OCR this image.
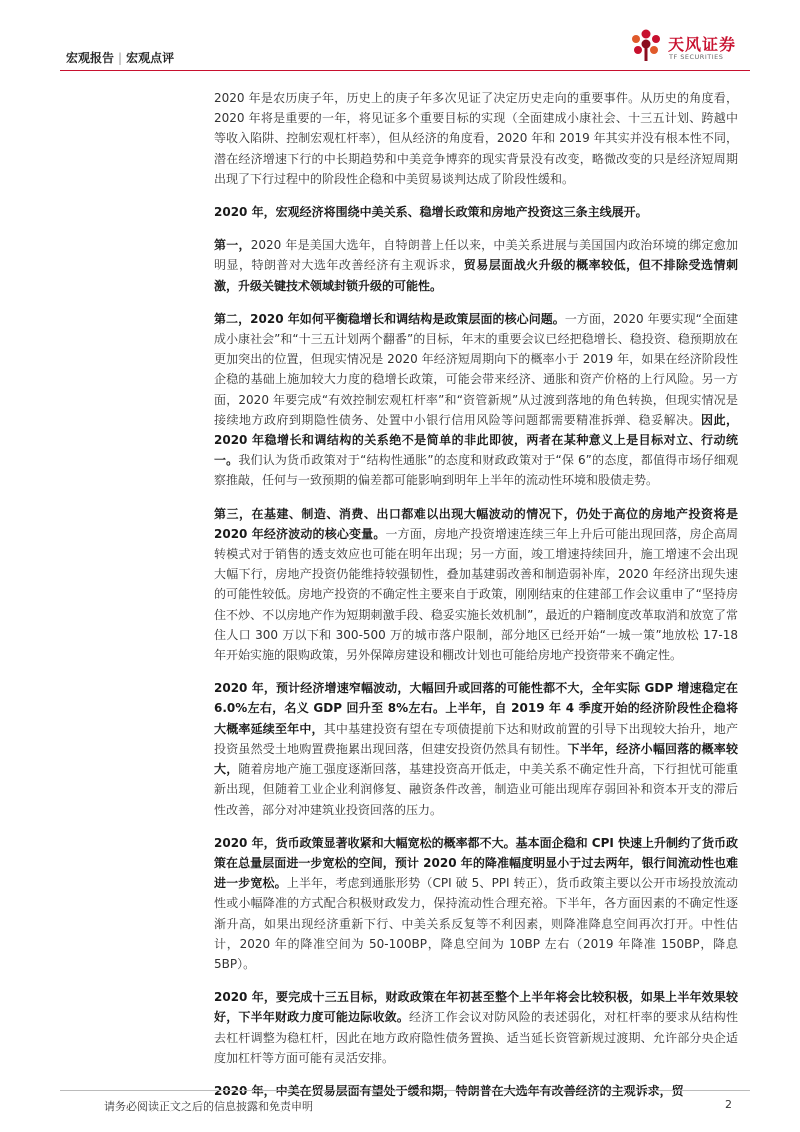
宏观报告 | 宏观点评
天风证券
TF SECURITIES

2020 年是农历庚子年，历史上的庚子年多次见证了决定历史走向的重要事件。从历史的角度看，2020 年将是重要的一年，将见证多个重要目标的实现（全面建成小康社会、十三五计划、跨越中等收入陷阱、控制宏观杠杆率），但从经济的角度看，2020 年和 2019 年其实并没有根本性不同，潜在经济增速下行的中长期趋势和中美竞争博弈的现实背景没有改变，略微改变的只是经济短周期出现了下行过程中的阶段性企稳和中美贸易谈判达成了阶段性缓和。

2020 年，宏观经济将围绕中美关系、稳增长政策和房地产投资这三条主线展开。

第一，2020 年是美国大选年，自特朗普上任以来，中美关系进展与美国国内政治环境的绑定愈加明显，特朗普对大选年改善经济有主观诉求，贸易层面战火升级的概率较低，但不排除受选情刺激，升级关键技术领域封锁升级的可能性。

第二，2020 年如何平衡稳增长和调结构是政策层面的核心问题。一方面，2020 年要实现“全面建成小康社会”和“十三五计划两个翻番”的目标，年末的重要会议已经把稳增长、稳投资、稳预期放在更加突出的位置，但现实情况是 2020 年经济短周期向下的概率小于 2019 年，如果在经济阶段性企稳的基础上施加较大力度的稳增长政策，可能会带来经济、通胀和资产价格的上行风险。另一方面，2020 年要完成“有效控制宏观杠杆率”和“资管新规”从过渡到落地的角色转换，但现实情况是接续地方政府到期隐性债务、处置中小银行信用风险等问题都需要精准拆弹、稳妥解决。因此，2020 年稳增长和调结构的关系绝不是简单的非此即彼，两者在某种意义上是目标对立、行动统一。我们认为货币政策对于“结构性通胀”的态度和财政政策对于“保 6”的态度，都值得市场仔细观察推敲，任何与一致预期的偏差都可能影响到明年上半年的流动性环境和股债走势。

第三，在基建、制造、消费、出口都难以出现大幅波动的情况下，仍处于高位的房地产投资将是 2020 年经济波动的核心变量。一方面，房地产投资增速连续三年上升后可能出现回落，房企高周转模式对于销售的透支效应也可能在明年出现；另一方面，竣工增速持续回升，施工增速不会出现大幅下行，房地产投资仍能维持较强韧性，叠加基建弱改善和制造弱补库，2020 年经济出现失速的可能性较低。房地产投资的不确定性主要来自于政策，刚刚结束的住建部工作会议重申了“坚持房住不炒、不以房地产作为短期刺激手段、稳妥实施长效机制”，最近的户籍制度改革取消和放宽了常住人口 300 万以下和 300-500 万的城市落户限制，部分地区已经开始“一城一策”地放松 17-18 年开始实施的限购政策，另外保障房建设和棚改计划也可能给房地产投资带来不确定性。

2020 年，预计经济增速窄幅波动，大幅回升或回落的可能性都不大，全年实际 GDP 增速稳定在 6.0%左右，名义 GDP 回升至 8%左右。上半年，自 2019 年 4 季度开始的经济阶段性企稳将大概率延续至年中，其中基建投资有望在专项债提前下达和财政前置的引导下出现较大抬升，地产投资虽然受土地购置费拖累出现回落，但建安投资仍然具有韧性。下半年，经济小幅回落的概率较大，随着房地产施工强度逐渐回落，基建投资高开低走，中美关系不确定性升高，下行担忧可能重新出现，但随着工业企业利润修复、融资条件改善，制造业可能出现库存弱回补和资本开支的滞后性改善，部分对冲建筑业投资回落的压力。

2020 年，货币政策显著收紧和大幅宽松的概率都不大。基本面企稳和 CPI 快速上升制约了货币政策在总量层面进一步宽松的空间，预计 2020 年的降准幅度明显小于过去两年，银行间流动性也难进一步宽松。上半年，考虑到通胀形势（CPI 破 5、PPI 转正），货币政策主要以公开市场投放流动性或小幅降准的方式配合积极财政发力，保持流动性合理充裕。下半年，各方面因素的不确定性逐渐升高，如果出现经济重新下行、中美关系反复等不利因素，则降准降息空间再次打开。中性估计，2020 年的降准空间为 50-100BP，降息空间为 10BP 左右（2019 年降准 150BP，降息 5BP）。

2020 年，要完成十三五目标，财政政策在年初甚至整个上半年将会比较积极，如果上半年效果较好，下半年财政力度可能边际收敛。经济工作会议对防风险的表述弱化，对杠杆率的要求从结构性去杠杆调整为稳杠杆，因此在地方政府隐性债务置换、适当延长资管新规过渡期、允许部分央企适度加杠杆等方面可能有灵活安排。

请务必阅读正文之后的信息披露和免责申明	2
